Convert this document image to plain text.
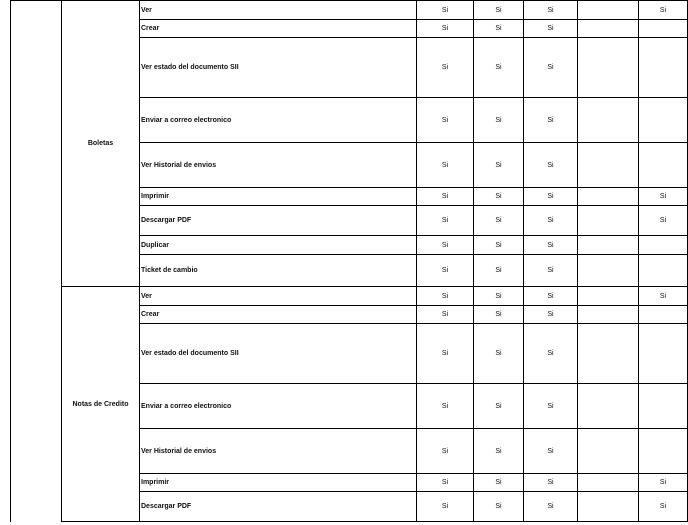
	Boletas	Ver	Si	Si	Si		Si
		Crear	Si	Si	Si		
		Ver estado del documento SII	Si	Si	Si		
		Enviar a correo electronico	Si	Si	Si		
		Ver Historial de envios	Si	Si	Si		
		Imprimir	Si	Si	Si		Si
		Descargar PDF	Si	Si	Si		Si
		Duplicar	Si	Si	Si		
		Ticket de cambio	Si	Si	Si		
	Notas de Credito	Ver	Si	Si	Si		Si
		Crear	Si	Si	Si		
		Ver estado del documento SII	Si	Si	Si		
		Enviar a correo electronico	Si	Si	Si		
		Ver Historial de envios	Si	Si	Si		
		Imprimir	Si	Si	Si		Si
		Descargar PDF	Si	Si	Si		Si
